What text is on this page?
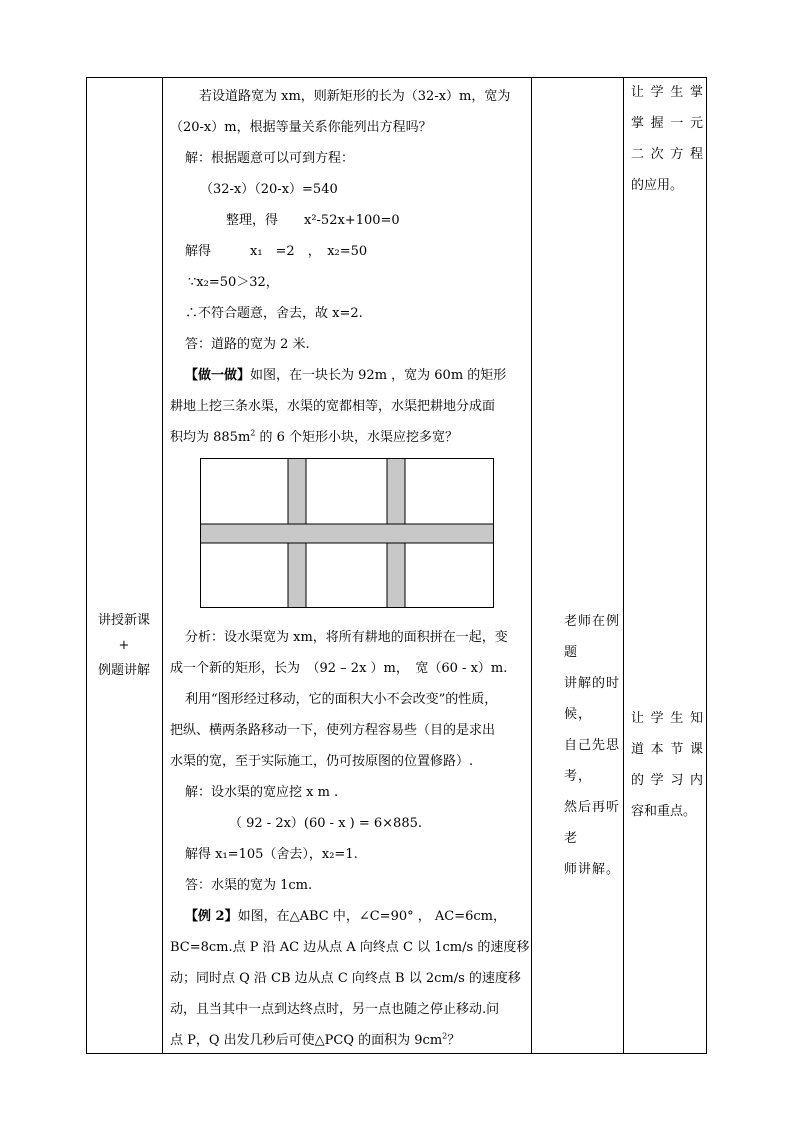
讲授新课
+
例题讲解
若设道路宽为 xm，则新矩形的长为（32-x）m，宽为
（20-x）m，根据等量关系你能列出方程吗？
解：根据题意可以可到方程：
（32-x）（20-x）=540
整理，得　　x²-52x+100=0
解得　　　x₁　=2　，　x₂=50
∵x₂=50＞32，
∴不符合题意，舍去，故 x=2.
答：道路的宽为 2 米.
【做一做】如图，在一块长为 92m ，宽为 60m 的矩形
耕地上挖三条水渠，水渠的宽都相等，水渠把耕地分成面
积均为 $885m^2$ 的 6 个矩形小块，水渠应挖多宽？
分析：设水渠宽为 xm，将所有耕地的面积拼在一起，变
成一个新的矩形，长为　（92 – 2x ）m，　宽（60 - x）m.
利用“图形经过移动，它的面积大小不会改变”的性质，
把纵、横两条路移动一下，使列方程容易些（目的是求出
水渠的宽，至于实际施工，仍可按原图的位置修路）.
解：设水渠的宽应挖 x m .
（ 92 - 2x）(60 - x ) = 6×885.
解得 x₁=105（舍去），x₂=1.
答：水渠的宽为 1cm.
【例 2】如图，在△ABC 中，∠C=90° ， AC=6cm，
BC=8cm.点 P 沿 AC 边从点 A 向终点 C 以 1cm/s 的速度移
动；同时点 Q 沿 CB 边从点 C 向终点 B 以 2cm/s 的速度移
动，且当其中一点到达终点时，另一点也随之停止移动.问
点 P，Q 出发几秒后可使△PCQ 的面积为 $9cm^2$？
老师在例题
讲解的时候，
自己先思考，
然后再听老
师讲解。
让学生掌
掌握一元
二次方程
的应用。
让学生知
道本节课
的学习内
容和重点。
